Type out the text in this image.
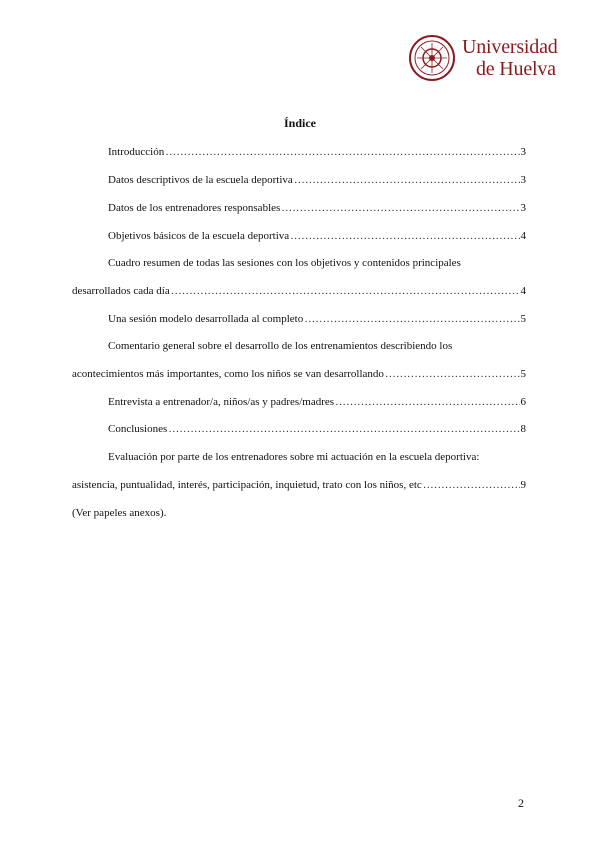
Universidad
de Huelva
Índice
Introducción ………………………………………………………………………………………………………………………………………………………………	3
Datos descriptivos de la escuela deportiva ………………………………………………………………………………………………………………………………………………………………	3
Datos de los entrenadores responsables ………………………………………………………………………………………………………………………………………………………………	3
Objetivos básicos de la escuela deportiva ………………………………………………………………………………………………………………………………………………………………	4
Cuadro resumen de todas las sesiones con los objetivos y contenidos principales
desarrollados cada día ………………………………………………………………………………………………………………………………………………………………	4
Una sesión modelo desarrollada al completo ………………………………………………………………………………………………………………………………………………………………	5
Comentario general sobre el desarrollo de los entrenamientos describiendo los
acontecimientos más importantes, como los niños se van desarrollando ………………………………………………………………………………………………………………………………………………………………	5
Entrevista a entrenador/a, niños/as y padres/madres ………………………………………………………………………………………………………………………………………………………………	6
Conclusiones ………………………………………………………………………………………………………………………………………………………………	8
Evaluación por parte de los entrenadores sobre mi actuación en la escuela deportiva:
asistencia, puntualidad, interés, participación, inquietud, trato con los niños, etc ………………………………………………………………………………………………………………………………………………………………	9
(Ver papeles anexos).
2
